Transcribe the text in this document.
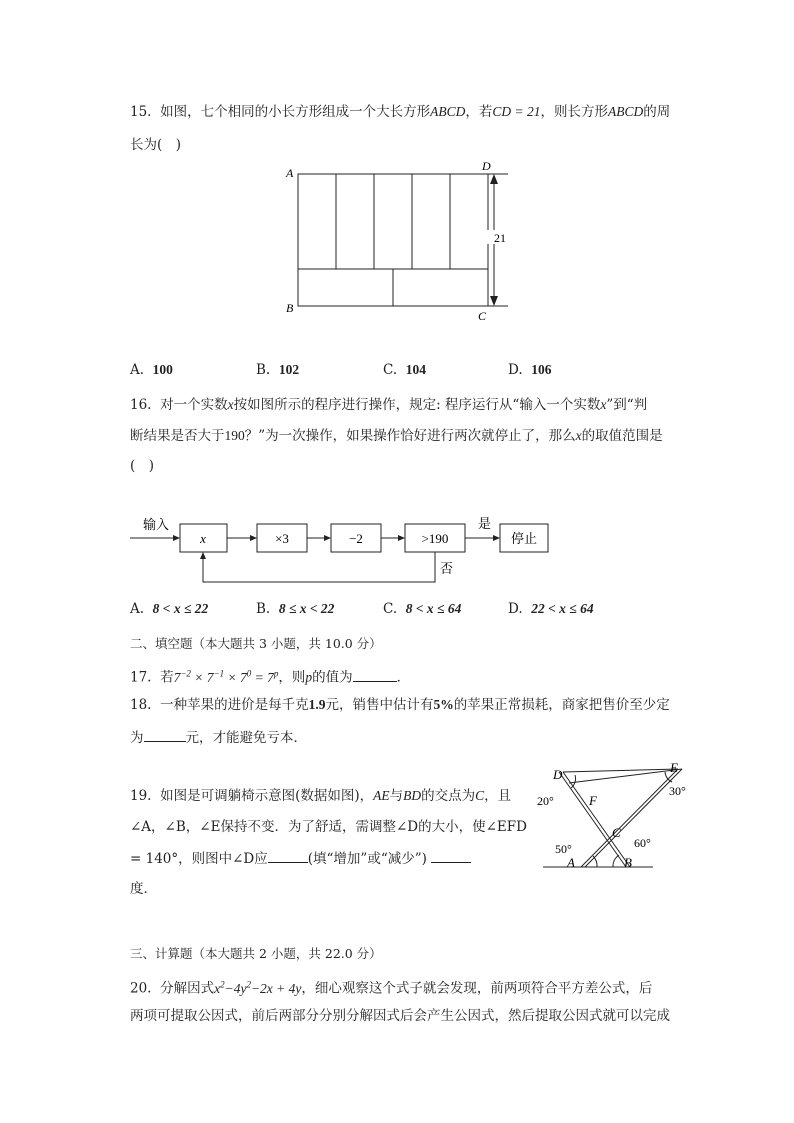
15. 如图，七个相同的小长方形组成一个大长方形ABCD，若CD = 21，则长方形ABCD的周
长为(　)
A	D
B
C
21
A. 100	B. 102	C. 104	D. 106
16. 对一个实数x按如图所示的程序进行操作，规定: 程序运行从“输入一个实数x”到“判
断结果是否大于190？”为一次操作，如果操作恰好进行两次就停止了，那么x的取值范围是
(　)
输入
x	×3	−2	>190
是
停止
否
A. 8 < x ≤ 22	B. 8 ≤ x < 22	C. 8 < x ≤ 64	D. 22 < x ≤ 64
二、填空题（本大题共 3 小题，共 10.0 分）
17. 若$7^{-2} \times 7^{-1} \times 7^0 = 7^p$，则p的值为	．
18. 一种苹果的进价是每千克1.9元，销售中估计有5%的苹果正常损耗，商家把售价至少定
为	元，才能避免亏本．
19. 如图是可调躺椅示意图(数据如图)，AE与BD的交点为C，且
∠A，∠B，∠E保持不变．为了舒适，需调整∠D的大小，使∠EFD
= 140°，则图中∠D应	(填“增加”或“减少”)
度．
D	E
F
C
A	B
20°
30°
50°	60°
三、计算题（本大题共 2 小题，共 22.0 分）
20. 分解因式$x^2-4y^2-2x + 4y$，细心观察这个式子就会发现，前两项符合平方差公式，后
两项可提取公因式，前后两部分分别分解因式后会产生公因式，然后提取公因式就可以完成
